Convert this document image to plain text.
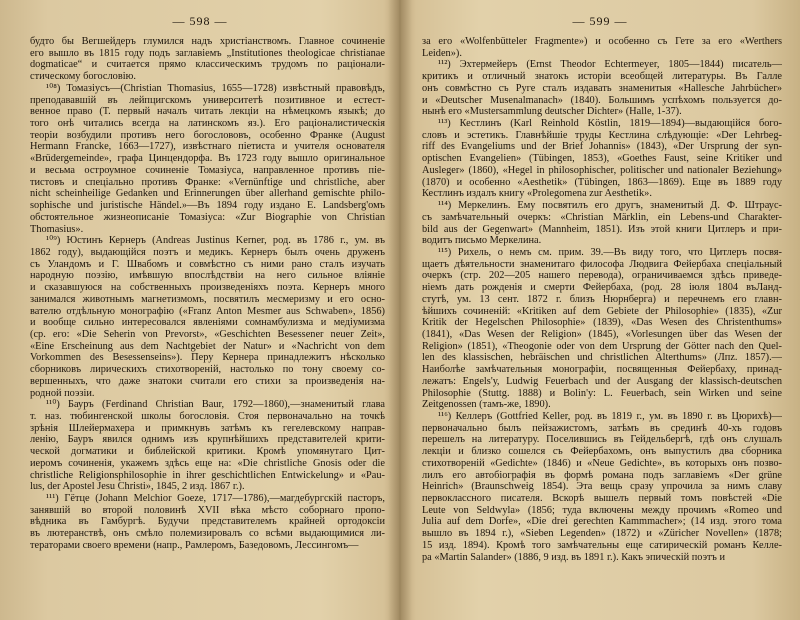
— 598 —
будто бы Вегшейдеръ глумился надъ христіанствомъ. Главное сочиненіе
его вышло въ 1815 году подъ заглавіемъ „Institutiones theologicae christianae
dogmaticae“ и считается прямо классическимъ трудомъ по раціонали-
стическому богословію.
¹⁰⁸) Томазіусъ—(Christian Thomasius, 1655—1728) извѣстный правовѣдъ,
преподававшій въ лейпцигскомъ университетѣ позитивное и естест-
венное право (Т. первый началъ читать лекціи на нѣмецкомъ языкѣ; до
того онѣ читались всегда на латинскомъ яз.). Его раціоналистическія
теоріи возбудили противъ него богослововъ, особенно Франке (August
Hermann Francke, 1663—1727), извѣстнаго піетиста и учителя основателя
«Brüdergemeinde», графа Цинцендорфа. Въ 1723 году вышло оригинальное
и весьма остроумное сочиненіе Томазіуса, направленное противъ піе-
тистовъ и спеціально противъ Франке: «Vernünftige und christliche, aber
nicht scheinheilige Gedanken und Erinnerungen über allerhand gemischte philo-
sophische und juristische Händel.»—Въ 1894 году издано E. Landsberg'омъ
обстоятельное жизнеописаніе Томазіуса: «Zur Biographie von Christian
Thomasius».
¹⁰⁹) Юстинъ Кернеръ (Andreas Justinus Kerner, род. въ 1786 г., ум. въ
1862 году), выдающійся поэтъ и медикъ. Кернеръ былъ очень друженъ
съ Уландомъ и Г. Швабомъ и совмѣстно съ ними рано сталъ изучать
народную поэзію, имѣвшую впослѣдствіи на него сильное вліяніе
и сказавшуюся на собственныхъ произведеніяхъ поэта. Кернеръ много
занимался животнымъ магнетизмомъ, посвятилъ месмеризму и его осно-
вателю отдѣльную монографію («Franz Anton Mesmer aus Schwaben», 1856)
и вообще сильно интересовался явленіями сомнамбулизма и медіумизма
(ср. его: «Die Seherin von Prevorst», «Geschichten Besessener neuer Zeit»,
«Eine Erscheinung aus dem Nachtgebiet der Natur» и «Nachricht von dem
Vorkommen des Besessenseins»). Перу Кернера принадлежитъ нѣсколько
сборниковъ лирическихъ стихотвореній, настолько по тону своему со-
вершенныхъ, что даже знатоки считали его стихи за произведенія на-
родной поэзіи.
¹¹⁰) Бауръ (Ferdinand Christian Baur, 1792—1860),—знаменитый глава
т. наз. тюбингенской школы богословія. Стоя первоначально на точкѣ
зрѣнія Шлейермахера и примкнувъ затѣмъ къ гегелевскому направ-
ленію, Бауръ явился однимъ изъ крупнѣйшихъ представителей крити-
ческой догматики и библейской критики. Кромѣ упомянутаго Цит-
иеромъ сочиненія, укажемъ здѣсь еще на: «Die christliche Gnosis oder die
christliche Religionsphilosophie in ihrer geschichtlichen Entwickelung» и «Pau-
lus, der Apostel Jesu Christi», 1845, 2 изд. 1867 г.).
¹¹¹) Гётце (Johann Melchior Goeze, 1717—1786),—магдебургскій пасторъ,
занявшій во второй половинѣ XVII вѣка мѣсто соборнаго пропо-
вѣдника въ Гамбургѣ. Будучи представителемъ крайней ортодоксіи
въ лютеранствѣ, онъ смѣло полемизировалъ со всѣми выдающимися ли-
тераторами своего времени (напр., Рамлеромъ, Базедовомъ, Лессингомъ—
— 599 —
за его «Wolfenbütteler Fragmente») и особенно съ Гете за его «Werthers
Leiden»).
¹¹²) Эхтермейеръ (Ernst Theodor Echtermeyer, 1805—1844) писатель—
критикъ и отличный знатокъ исторіи всеобщей литературы. Въ Галле
онъ совмѣстно съ Руге сталъ издавать знаменитыя «Hallesche Jahrbücher»
и «Deutscher Musenalmanach» (1840). Большимъ успѣхомъ пользуется до-
нынѣ его «Mustersammlung deutscher Dichter» (Halle, 1-37).
¹¹³) Кестлинъ (Karl Reinhold Köstlin, 1819—1894)—выдающійся бого-
словъ и эстетикъ. Главнѣйшіе труды Кестлина слѣдующіе: «Der Lehrbeg-
riff des Evangeliums und der Brief Johannis» (1843), «Der Ursprung der syn-
optischen Evangelien» (Tübingen, 1853), «Goethes Faust, seine Kritiker und
Ausleger» (1860), «Hegel in philosophischer, politischer und nationaler Beziehung»
(1870) и особенно «Aesthetik» (Tübingen, 1863—1869). Еще въ 1889 году
Кестлинъ издалъ книгу «Prolegomena zur Aesthetik».
¹¹⁴) Меркелинъ. Ему посвятилъ его другъ, знаменитый Д. Ф. Штраус-
съ замѣчательный очеркъ: «Christian Märklin, ein Lebens-und Charakter-
bild aus der Gegenwart» (Mannheim, 1851). Изъ этой книги Цитлеръ и при-
водитъ письмо Меркелина.
¹¹⁵) Рихель, о немъ см. прим. 39.—Въ виду того, что Цитлеръ посвя-
щаетъ дѣятельности знаменитаго философа Людвига Фейербаха спеціальный
очеркъ (стр. 202—205 нашего перевода), ограничиваемся здѣсь приведе-
ніемъ дать рожденія и смерти Фейербаха, (род. 28 іюля 1804 въЛанд-
стутѣ, ум. 13 сент. 1872 г. близъ Нюрнберга) и перечнемъ его главн-
ѣйшихъ сочиненій: «Kritiken auf dem Gebiete der Philosophie» (1835), «Zur
Kritik der Hegelschen Philosophie» (1839), «Das Wesen des Christenthums»
(1841), «Das Wesen der Religion» (1845), «Vorlesungen über das Wesen der
Religion» (1851), «Theogonie oder von dem Ursprung der Götter nach den Quel-
len des klassischen, hebräischen und christlichen Alterthums» (Лпz. 1857).—
Наиболѣе замѣчательныя монографіи, посвященныя Фейербаху, принад-
лежатъ: Engels'у, Ludwig Feuerbach und der Ausgang der klassisch-deutschen
Philosophie (Stuttg. 1888) и Bolin'у: L. Feuerbach, sein Wirken und seine
Zeitgenossen (тамъ-же, 1890).
¹¹⁶) Келлеръ (Gottfried Keller, род. въ 1819 г., ум. въ 1890 г. въ Цюрихѣ)—
первоначально былъ пейзажистомъ, затѣмъ въ срединѣ 40-хъ годовъ
перешелъ на литературу. Поселившись въ Гейдельбергѣ, гдѣ онъ слушалъ
лекціи и близко сошелся съ Фейербахомъ, онъ выпустилъ два сборника
стихотвореній «Gedichte» (1846) и «Neue Gedichte», въ которыхъ онъ позво-
лилъ его автобіографія въ формѣ романа подъ заглавіемъ «Der grüne
Heinrich» (Braunschweig 1854). Эта вещь сразу упрочила за нимъ славу
первоклассного писателя. Вскорѣ вышелъ первый томъ повѣстей «Die
Leute von Seldwyla» (1856; туда включены между прочимъ «Romeo und
Julia auf dem Dorfe», «Die drei gerechten Kammmacher»; (14 изд. этого тома
вышло въ 1894 г.), «Sieben Legenden» (1872) и «Züricher Novellen» (1878;
15 изд. 1894). Кромѣ того замѣчательны еще сатирическій романъ Келле-
ра «Martin Salander» (1886, 9 изд. въ 1891 г.). Какъ эпическій поэтъ и
